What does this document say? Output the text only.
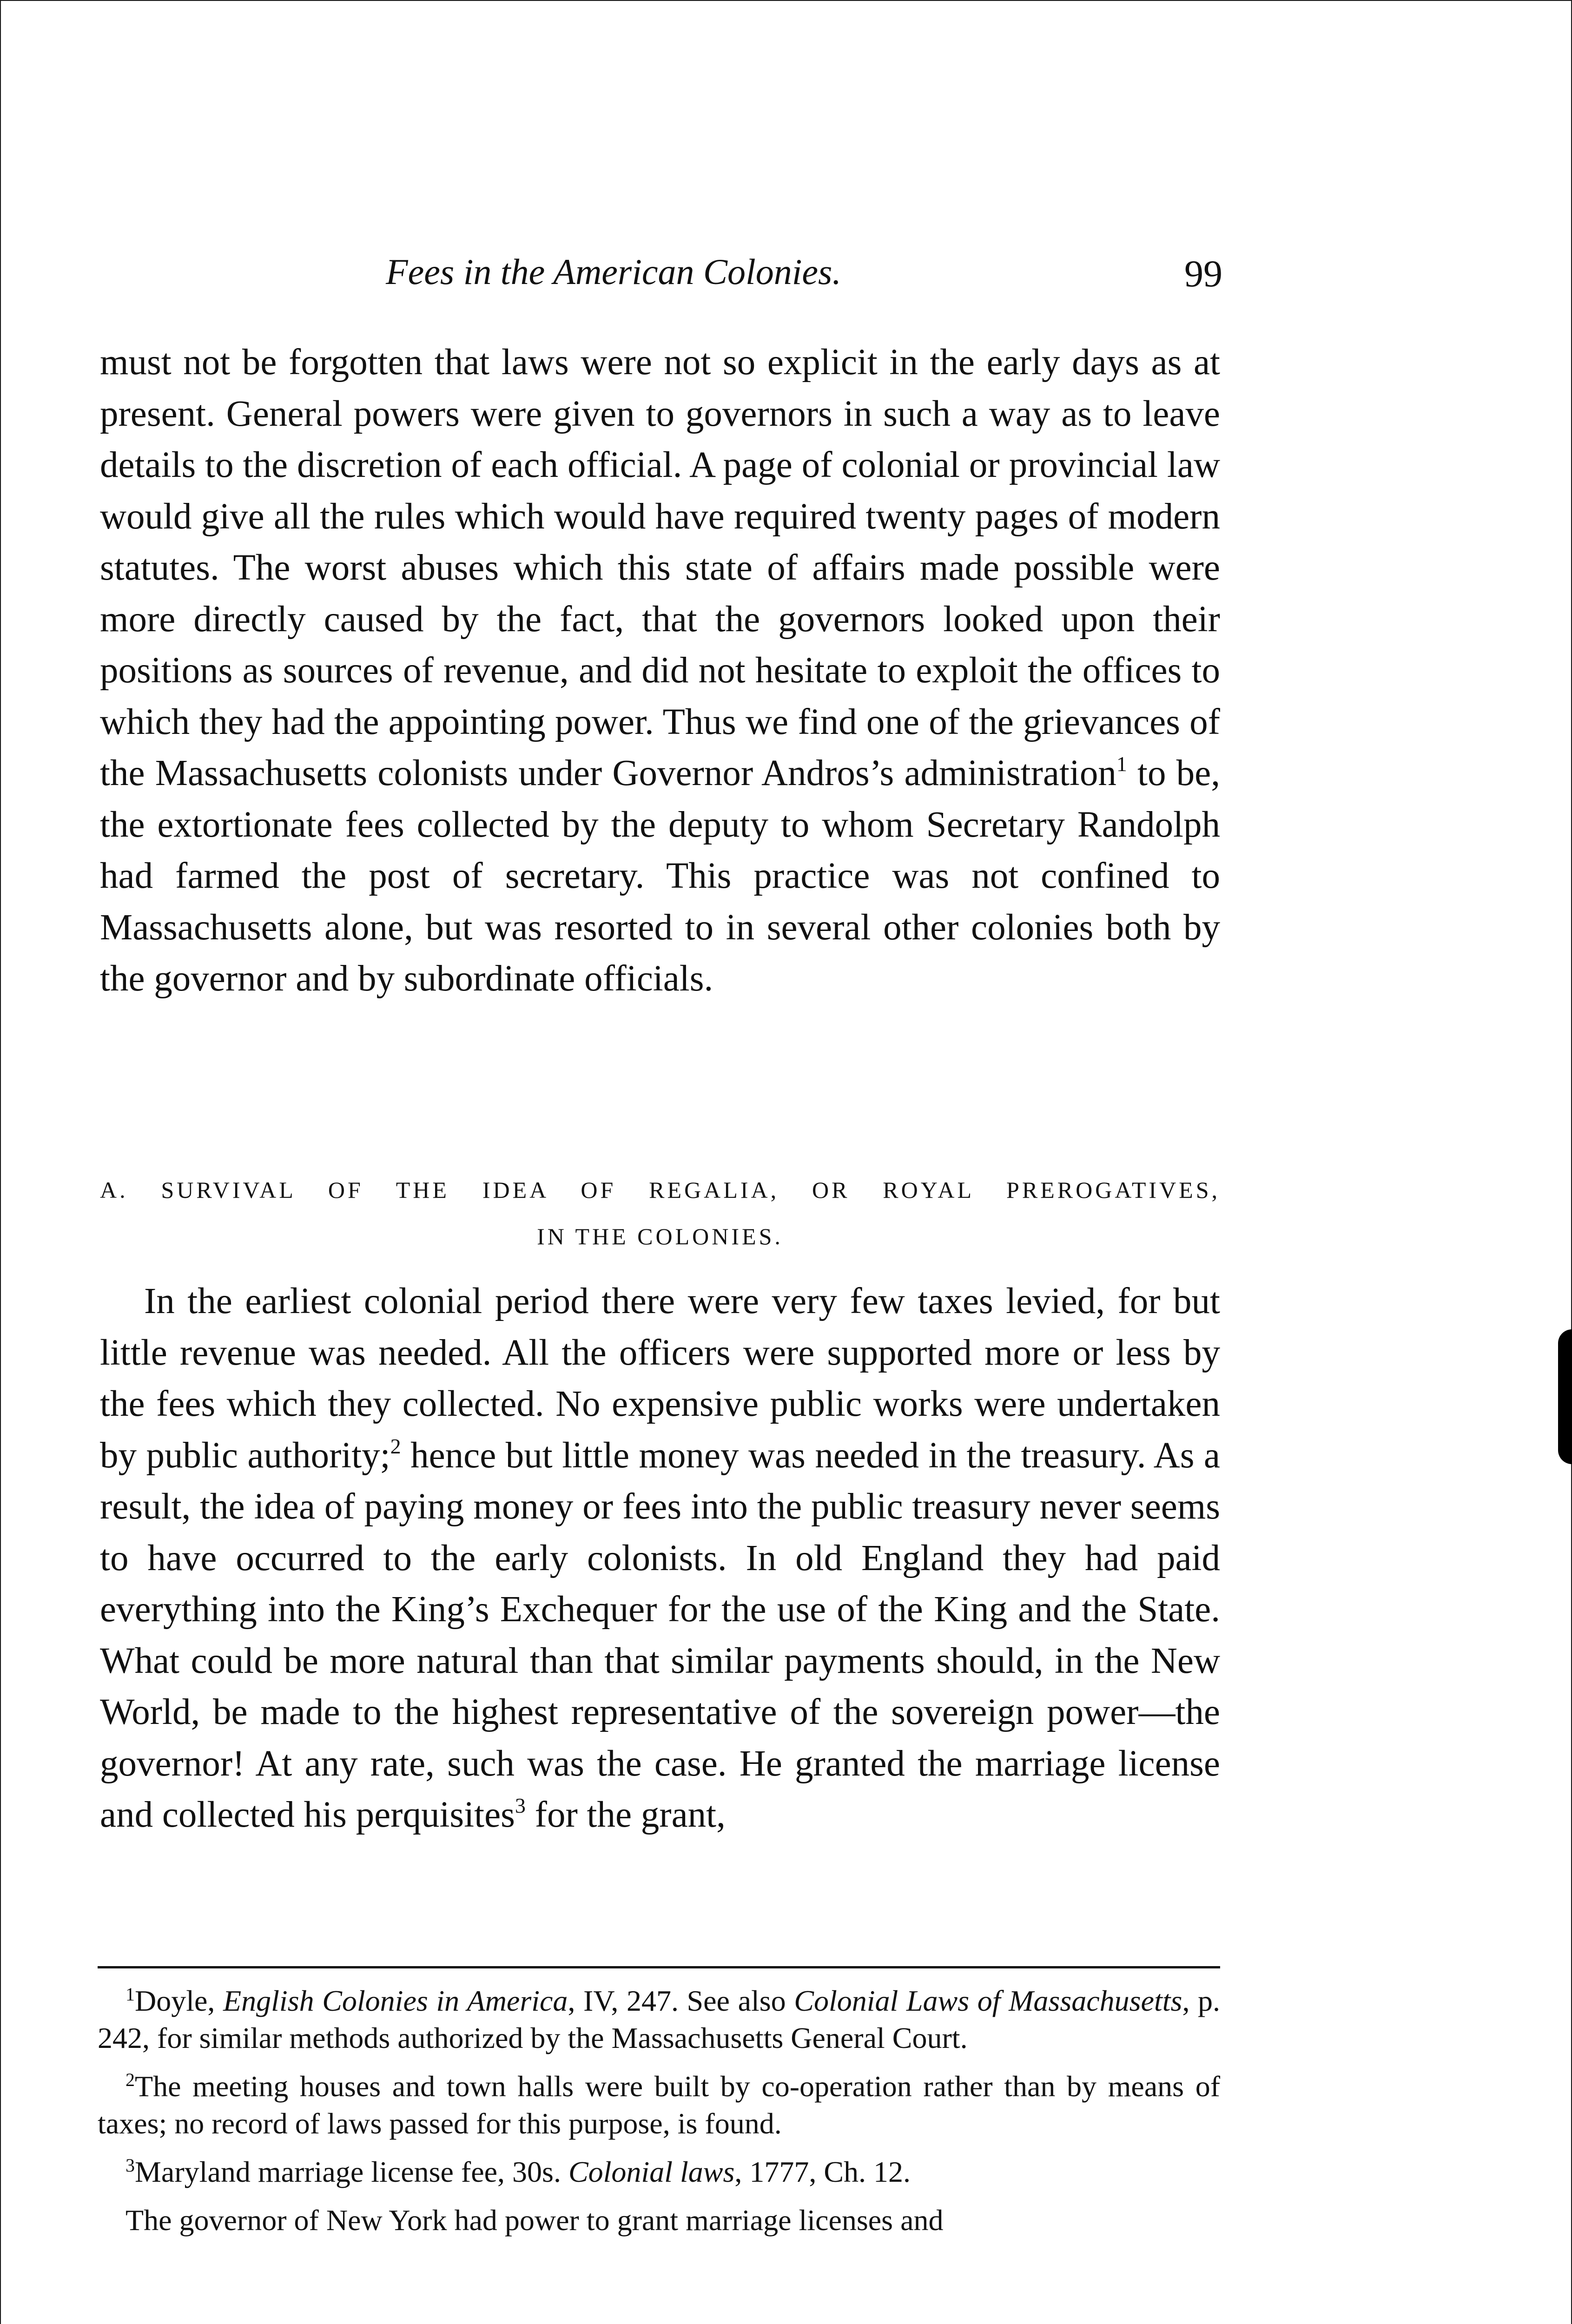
Fees in the American Colonies.	99

must not be forgotten that laws were not so explicit in the early days as at present. General powers were given to governors in such a way as to leave details to the discretion of each official. A page of colonial or provincial law would give all the rules which would have required twenty pages of modern statutes. The worst abuses which this state of affairs made possible were more directly caused by the fact, that the governors looked upon their positions as sources of revenue, and did not hesitate to exploit the offices to which they had the appointing power. Thus we find one of the grievances of the Massachusetts colonists under Governor Andros’s administration$^1$ to be, the extortionate fees collected by the deputy to whom Secretary Randolph had farmed the post of secretary. This practice was not confined to Massachusetts alone, but was resorted to in several other colonies both by the governor and by subordinate officials.

A. SURVIVAL OF THE IDEA OF REGALIA, OR ROYAL PREROGATIVES,
IN THE COLONIES.

In the earliest colonial period there were very few taxes levied, for but little revenue was needed. All the officers were supported more or less by the fees which they collected. No expensive public works were undertaken by public authority;$^2$ hence but little money was needed in the treasury. As a result, the idea of paying money or fees into the public treasury never seems to have occurred to the early colonists. In old England they had paid everything into the King’s Exchequer for the use of the King and the State. What could be more natural than that similar payments should, in the New World, be made to the highest representative of the sovereign power—the governor! At any rate, such was the case. He granted the marriage license and collected his perquisites$^3$ for the grant,

$^1$Doyle, English Colonies in America, IV, 247. See also Colonial Laws of Massachusetts, p. 242, for similar methods authorized by the Massachusetts General Court.

$^2$The meeting houses and town halls were built by co-operation rather than by means of taxes; no record of laws passed for this purpose, is found.

$^3$Maryland marriage license fee, 30s. Colonial laws, 1777, Ch. 12.

The governor of New York had power to grant marriage licenses and
